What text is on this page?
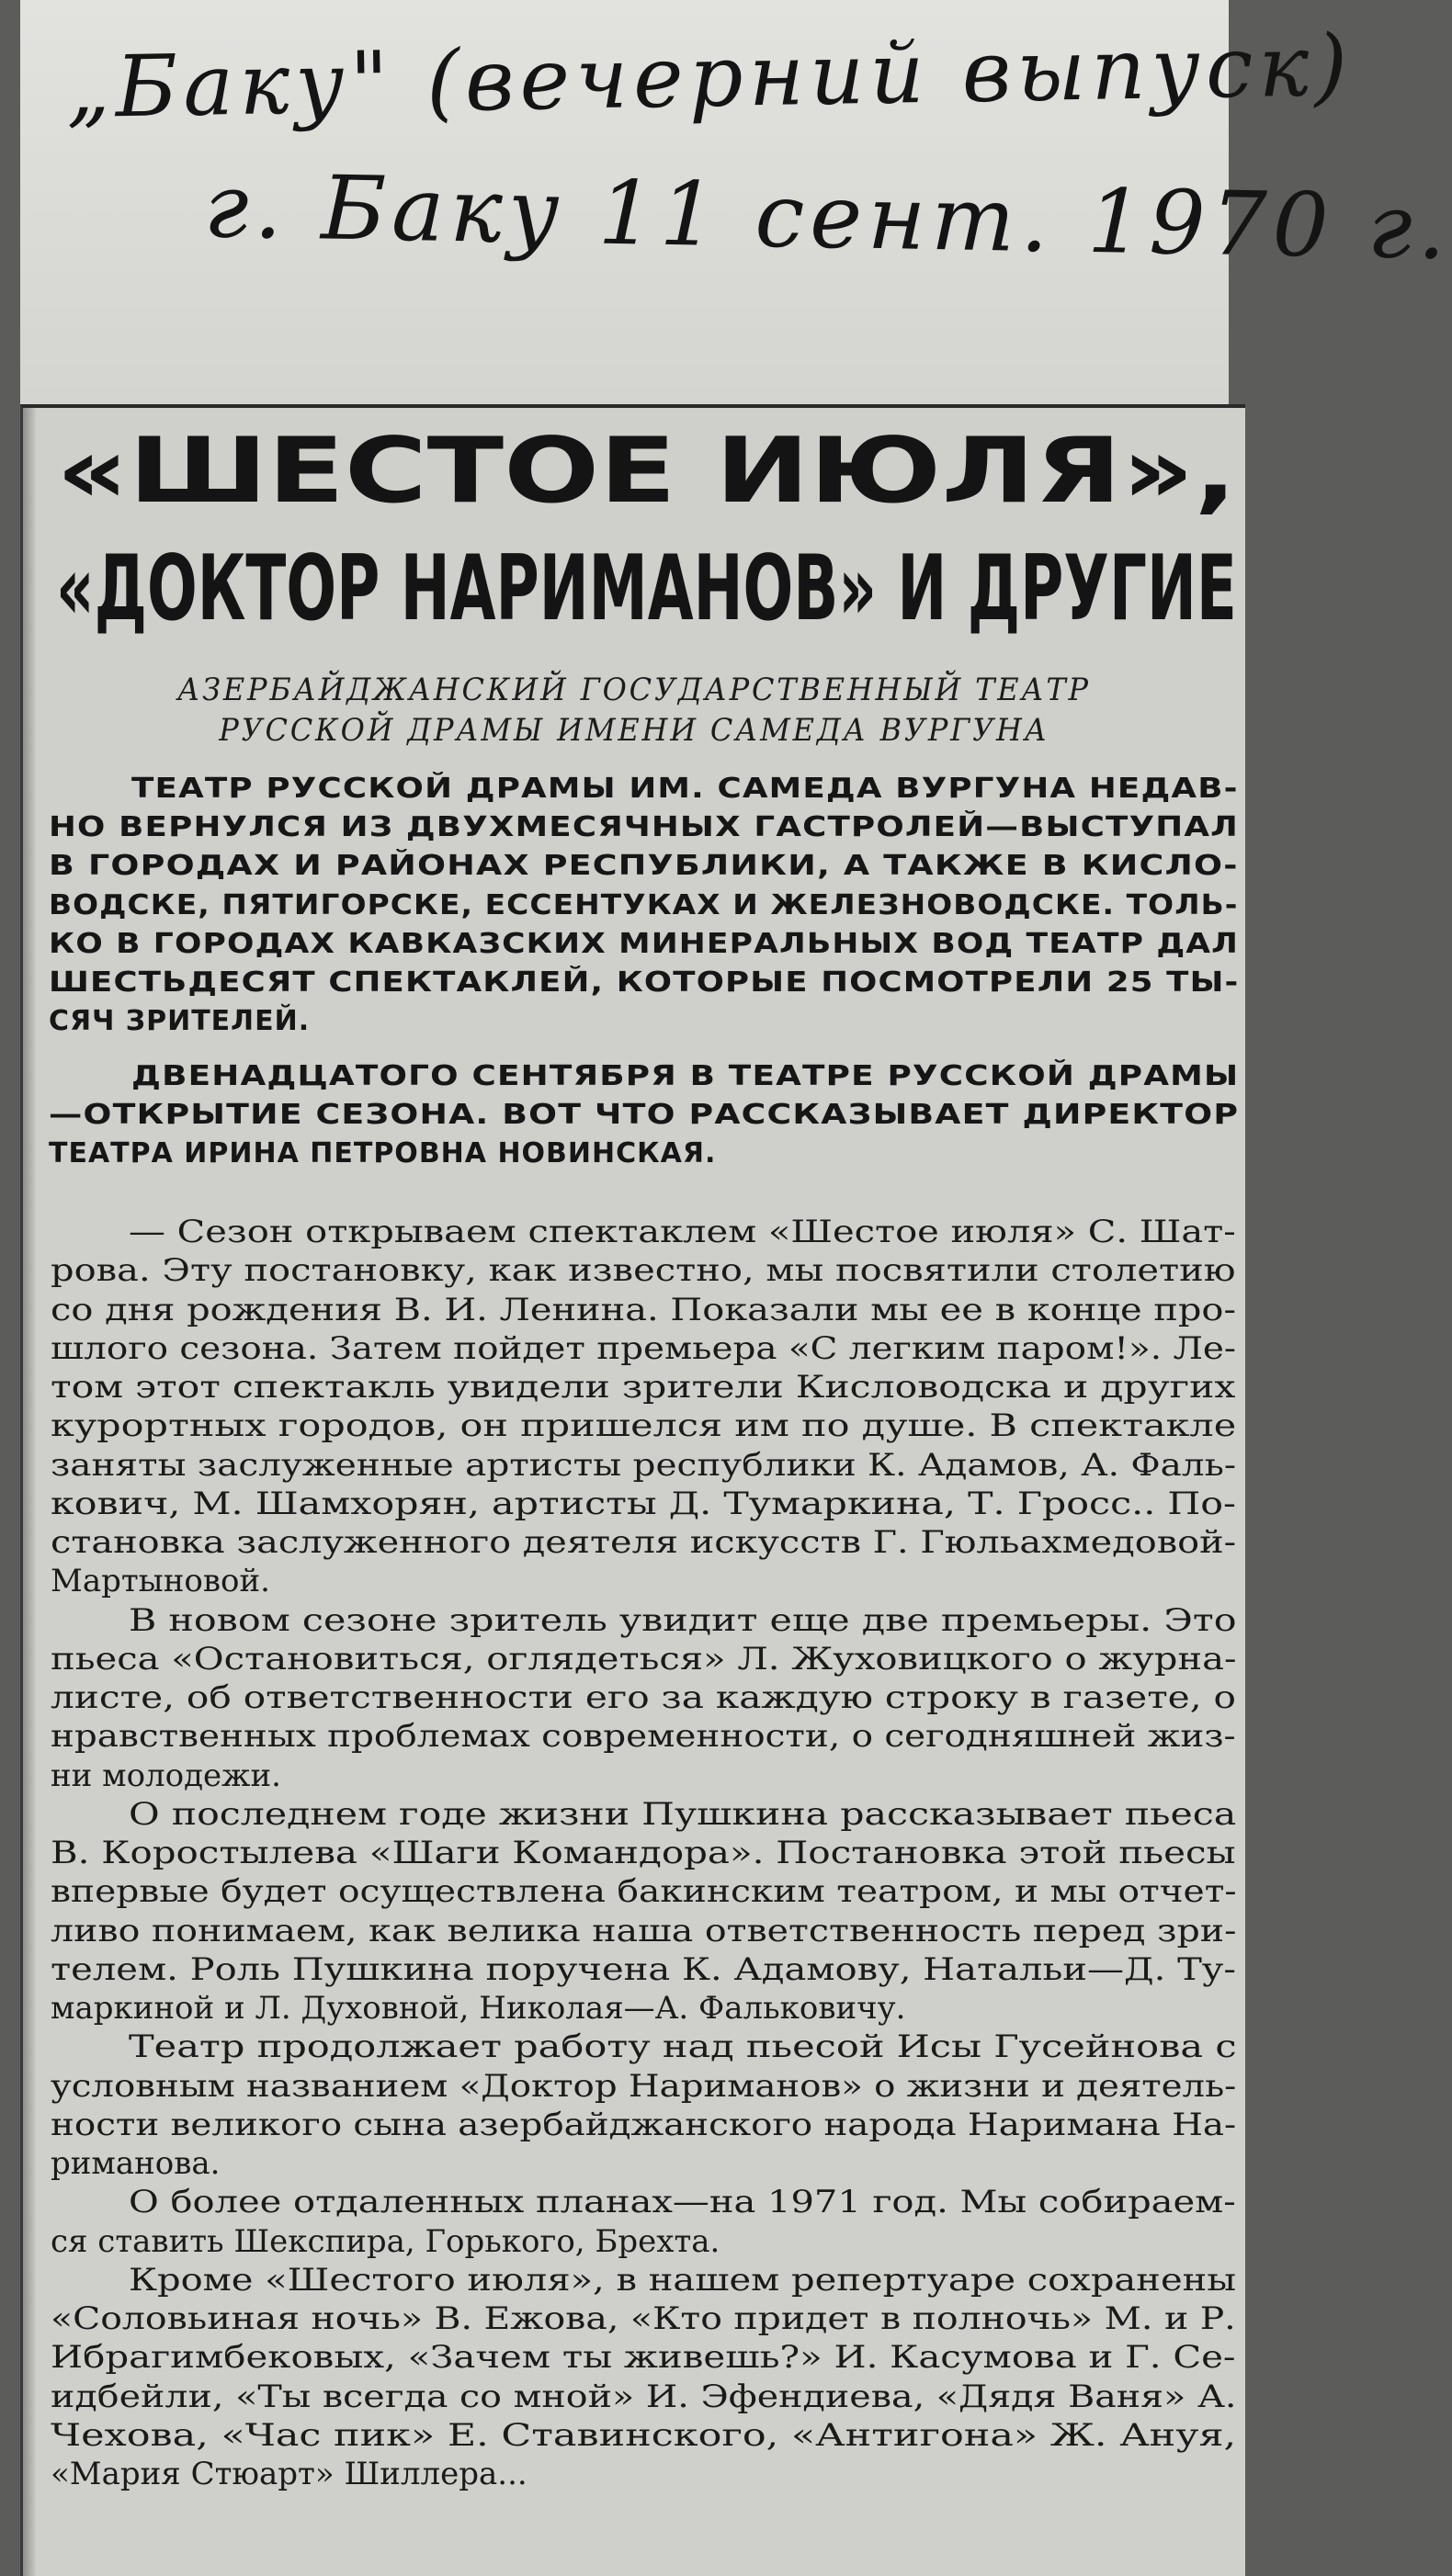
„Баку" (вечерний выпуск)
г. Баку 11 сент. 1970 г.
«ШЕСТОЕ ИЮЛЯ»,
«ДОКТОР НАРИМАНОВ» И ДРУГИЕ
АЗЕРБАЙДЖАНСКИЙ ГОСУДАРСТВЕННЫЙ ТЕАТР
РУССКОЙ ДРАМЫ ИМЕНИ САМЕДА ВУРГУНА
ТЕАТР РУССКОЙ ДРАМЫ ИМ. САМЕДА ВУРГУНА НЕДАВ-
НО ВЕРНУЛСЯ ИЗ ДВУХМЕСЯЧНЫХ ГАСТРОЛЕЙ—ВЫСТУПАЛ
В ГОРОДАХ И РАЙОНАХ РЕСПУБЛИКИ, А ТАКЖЕ В КИСЛО-
ВОДСКЕ, ПЯТИГОРСКЕ, ЕССЕНТУКАХ И ЖЕЛЕЗНОВОДСКЕ. ТОЛЬ-
КО В ГОРОДАХ КАВКАЗСКИХ МИНЕРАЛЬНЫХ ВОД ТЕАТР ДАЛ
ШЕСТЬДЕСЯТ СПЕКТАКЛЕЙ, КОТОРЫЕ ПОСМОТРЕЛИ 25 ТЫ-
СЯЧ ЗРИТЕЛЕЙ.
ДВЕНАДЦАТОГО СЕНТЯБРЯ В ТЕАТРЕ РУССКОЙ ДРАМЫ
—ОТКРЫТИЕ СЕЗОНА. ВОТ ЧТО РАССКАЗЫВАЕТ ДИРЕКТОР
ТЕАТРА ИРИНА ПЕТРОВНА НОВИНСКАЯ.
— Сезон открываем спектаклем «Шестое июля» С. Шат-
рова. Эту постановку, как известно, мы посвятили столетию
со дня рождения В. И. Ленина. Показали мы ее в конце про-
шлого сезона. Затем пойдет премьера «С легким паром!». Ле-
том этот спектакль увидели зрители Кисловодска и других
курортных городов, он пришелся им по душе. В спектакле
заняты заслуженные артисты республики К. Адамов, А. Фаль-
кович, М. Шамхорян, артисты Д. Тумаркина, Т. Гросс.. По-
становка заслуженного деятеля искусств Г. Гюльахмедовой-
Мартыновой.
В новом сезоне зритель увидит еще две премьеры. Это
пьеса «Остановиться, оглядеться» Л. Жуховицкого о журна-
листе, об ответственности его за каждую строку в газете, о
нравственных проблемах современности, о сегодняшней жиз-
ни молодежи.
О последнем годе жизни Пушкина рассказывает пьеса
В. Коростылева «Шаги Командора». Постановка этой пьесы
впервые будет осуществлена бакинским театром, и мы отчет-
ливо понимаем, как велика наша ответственность перед зри-
телем. Роль Пушкина поручена К. Адамову, Натальи—Д. Ту-
маркиной и Л. Духовной, Николая—А. Фальковичу.
Театр продолжает работу над пьесой Исы Гусейнова с
условным названием «Доктор Нариманов» о жизни и деятель-
ности великого сына азербайджанского народа Наримана На-
риманова.
О более отдаленных планах—на 1971 год. Мы собираем-
ся ставить Шекспира, Горького, Брехта.
Кроме «Шестого июля», в нашем репертуаре сохранены
«Соловьиная ночь» В. Ежова, «Кто придет в полночь» М. и Р.
Ибрагимбековых, «Зачем ты живешь?» И. Касумова и Г. Се-
идбейли, «Ты всегда со мной» И. Эфендиева, «Дядя Ваня» А.
Чехова, «Час пик» Е. Ставинского, «Антигона» Ж. Ануя,
«Мария Стюарт» Шиллера...
